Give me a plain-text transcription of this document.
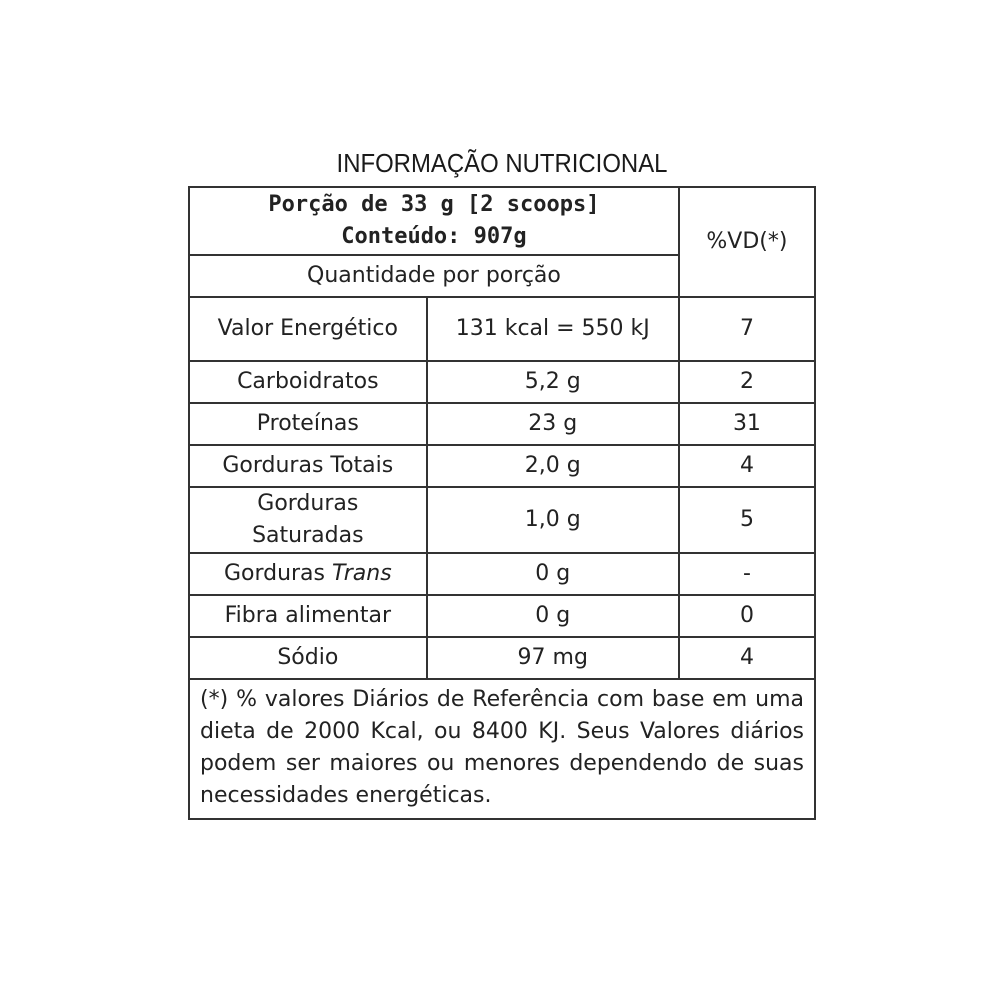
INFORMAÇÃO NUTRICIONAL
Porção de 33 g [2 scoops]
Conteúdo: 907g		%VD(*)
Quantidade por porção		
Valor Energético	131 kcal = 550 kJ	7
Carboidratos	5,2 g	2
Proteínas	23 g	31
Gorduras Totais	2,0 g	4
Gorduras Saturadas	1,0 g	5
Gorduras Trans	0 g	-
Fibra alimentar	0 g	0
Sódio	97 mg	4
(*) % valores Diários de Referência com base em uma dieta de 2000 Kcal, ou 8400 KJ. Seus Valores diários podem ser maiores ou menores dependendo de suas necessidades energéticas.		
